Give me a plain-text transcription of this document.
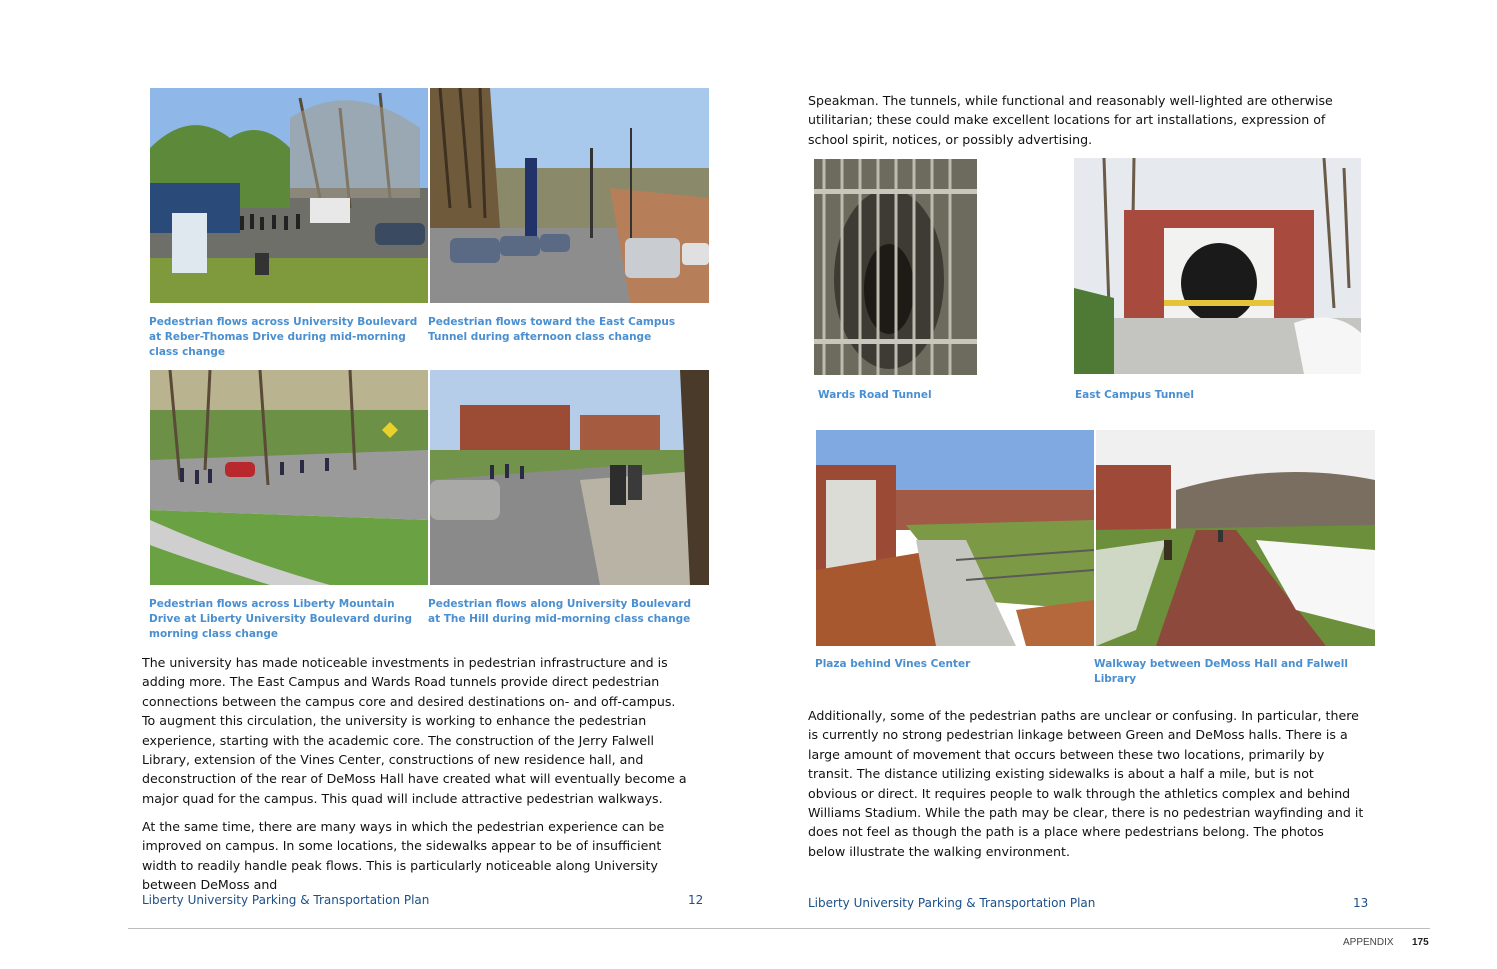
Pedestrian flows across University Boulevard at Reber-Thomas Drive during mid-morning class change
Pedestrian flows toward the East Campus Tunnel during afternoon class change
Pedestrian flows across Liberty Mountain Drive at Liberty University Boulevard during morning class change
Pedestrian flows along University Boulevard at The Hill during mid-morning class change

The university has made noticeable investments in pedestrian infrastructure and is adding more. The East Campus and Wards Road tunnels provide direct pedestrian connections between the campus core and desired destinations on- and off-campus. To augment this circulation, the university is working to enhance the pedestrian experience, starting with the academic core. The construction of the Jerry Falwell Library, extension of the Vines Center, constructions of new residence hall, and deconstruction of the rear of DeMoss Hall have created what will eventually become a major quad for the campus. This quad will include attractive pedestrian walkways.

At the same time, there are many ways in which the pedestrian experience can be improved on campus. In some locations, the sidewalks appear to be of insufficient width to readily handle peak flows. This is particularly noticeable along University between DeMoss and

Liberty University Parking & Transportation Plan	12

Speakman. The tunnels, while functional and reasonably well-lighted are otherwise utilitarian; these could make excellent locations for art installations, expression of school spirit, notices, or possibly advertising.

Wards Road Tunnel	East Campus Tunnel
Plaza behind Vines Center	Walkway between DeMoss Hall and Falwell Library

Additionally, some of the pedestrian paths are unclear or confusing. In particular, there is currently no strong pedestrian linkage between Green and DeMoss halls. There is a large amount of movement that occurs between these two locations, primarily by transit. The distance utilizing existing sidewalks is about a half a mile, but is not obvious or direct. It requires people to walk through the athletics complex and behind Williams Stadium. While the path may be clear, there is no pedestrian wayfinding and it does not feel as though the path is a place where pedestrians belong. The photos below illustrate the walking environment.

Liberty University Parking & Transportation Plan	13
APPENDIX 175
